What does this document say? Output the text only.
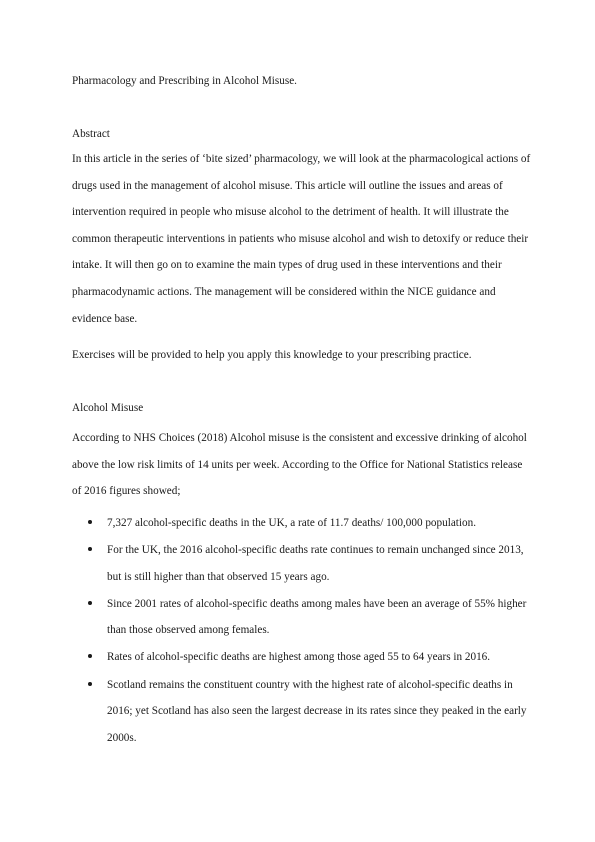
Pharmacology and Prescribing in Alcohol Misuse.
Abstract

In this article in the series of ‘bite sized’ pharmacology, we will look at the pharmacological actions of drugs used in the management of alcohol misuse. This article will outline the issues and areas of intervention required in people who misuse alcohol to the detriment of health. It will illustrate the common therapeutic interventions in patients who misuse alcohol and wish to detoxify or reduce their intake. It will then go on to examine the main types of drug used in these interventions and their pharmacodynamic actions. The management will be considered within the NICE guidance and evidence base.

Exercises will be provided to help you apply this knowledge to your prescribing practice.

Alcohol Misuse

According to NHS Choices (2018) Alcohol misuse is the consistent and excessive drinking of alcohol above the low risk limits of 14 units per week. According to the Office for National Statistics release of 2016 figures showed;

7,327 alcohol-specific deaths in the UK, a rate of 11.7 deaths/ 100,000 population.
For the UK, the 2016 alcohol-specific deaths rate continues to remain unchanged since 2013, but is still higher than that observed 15 years ago.
Since 2001 rates of alcohol-specific deaths among males have been an average of 55% higher than those observed among females.
Rates of alcohol-specific deaths are highest among those aged 55 to 64 years in 2016.
Scotland remains the constituent country with the highest rate of alcohol-specific deaths in 2016; yet Scotland has also seen the largest decrease in its rates since they peaked in the early 2000s.
